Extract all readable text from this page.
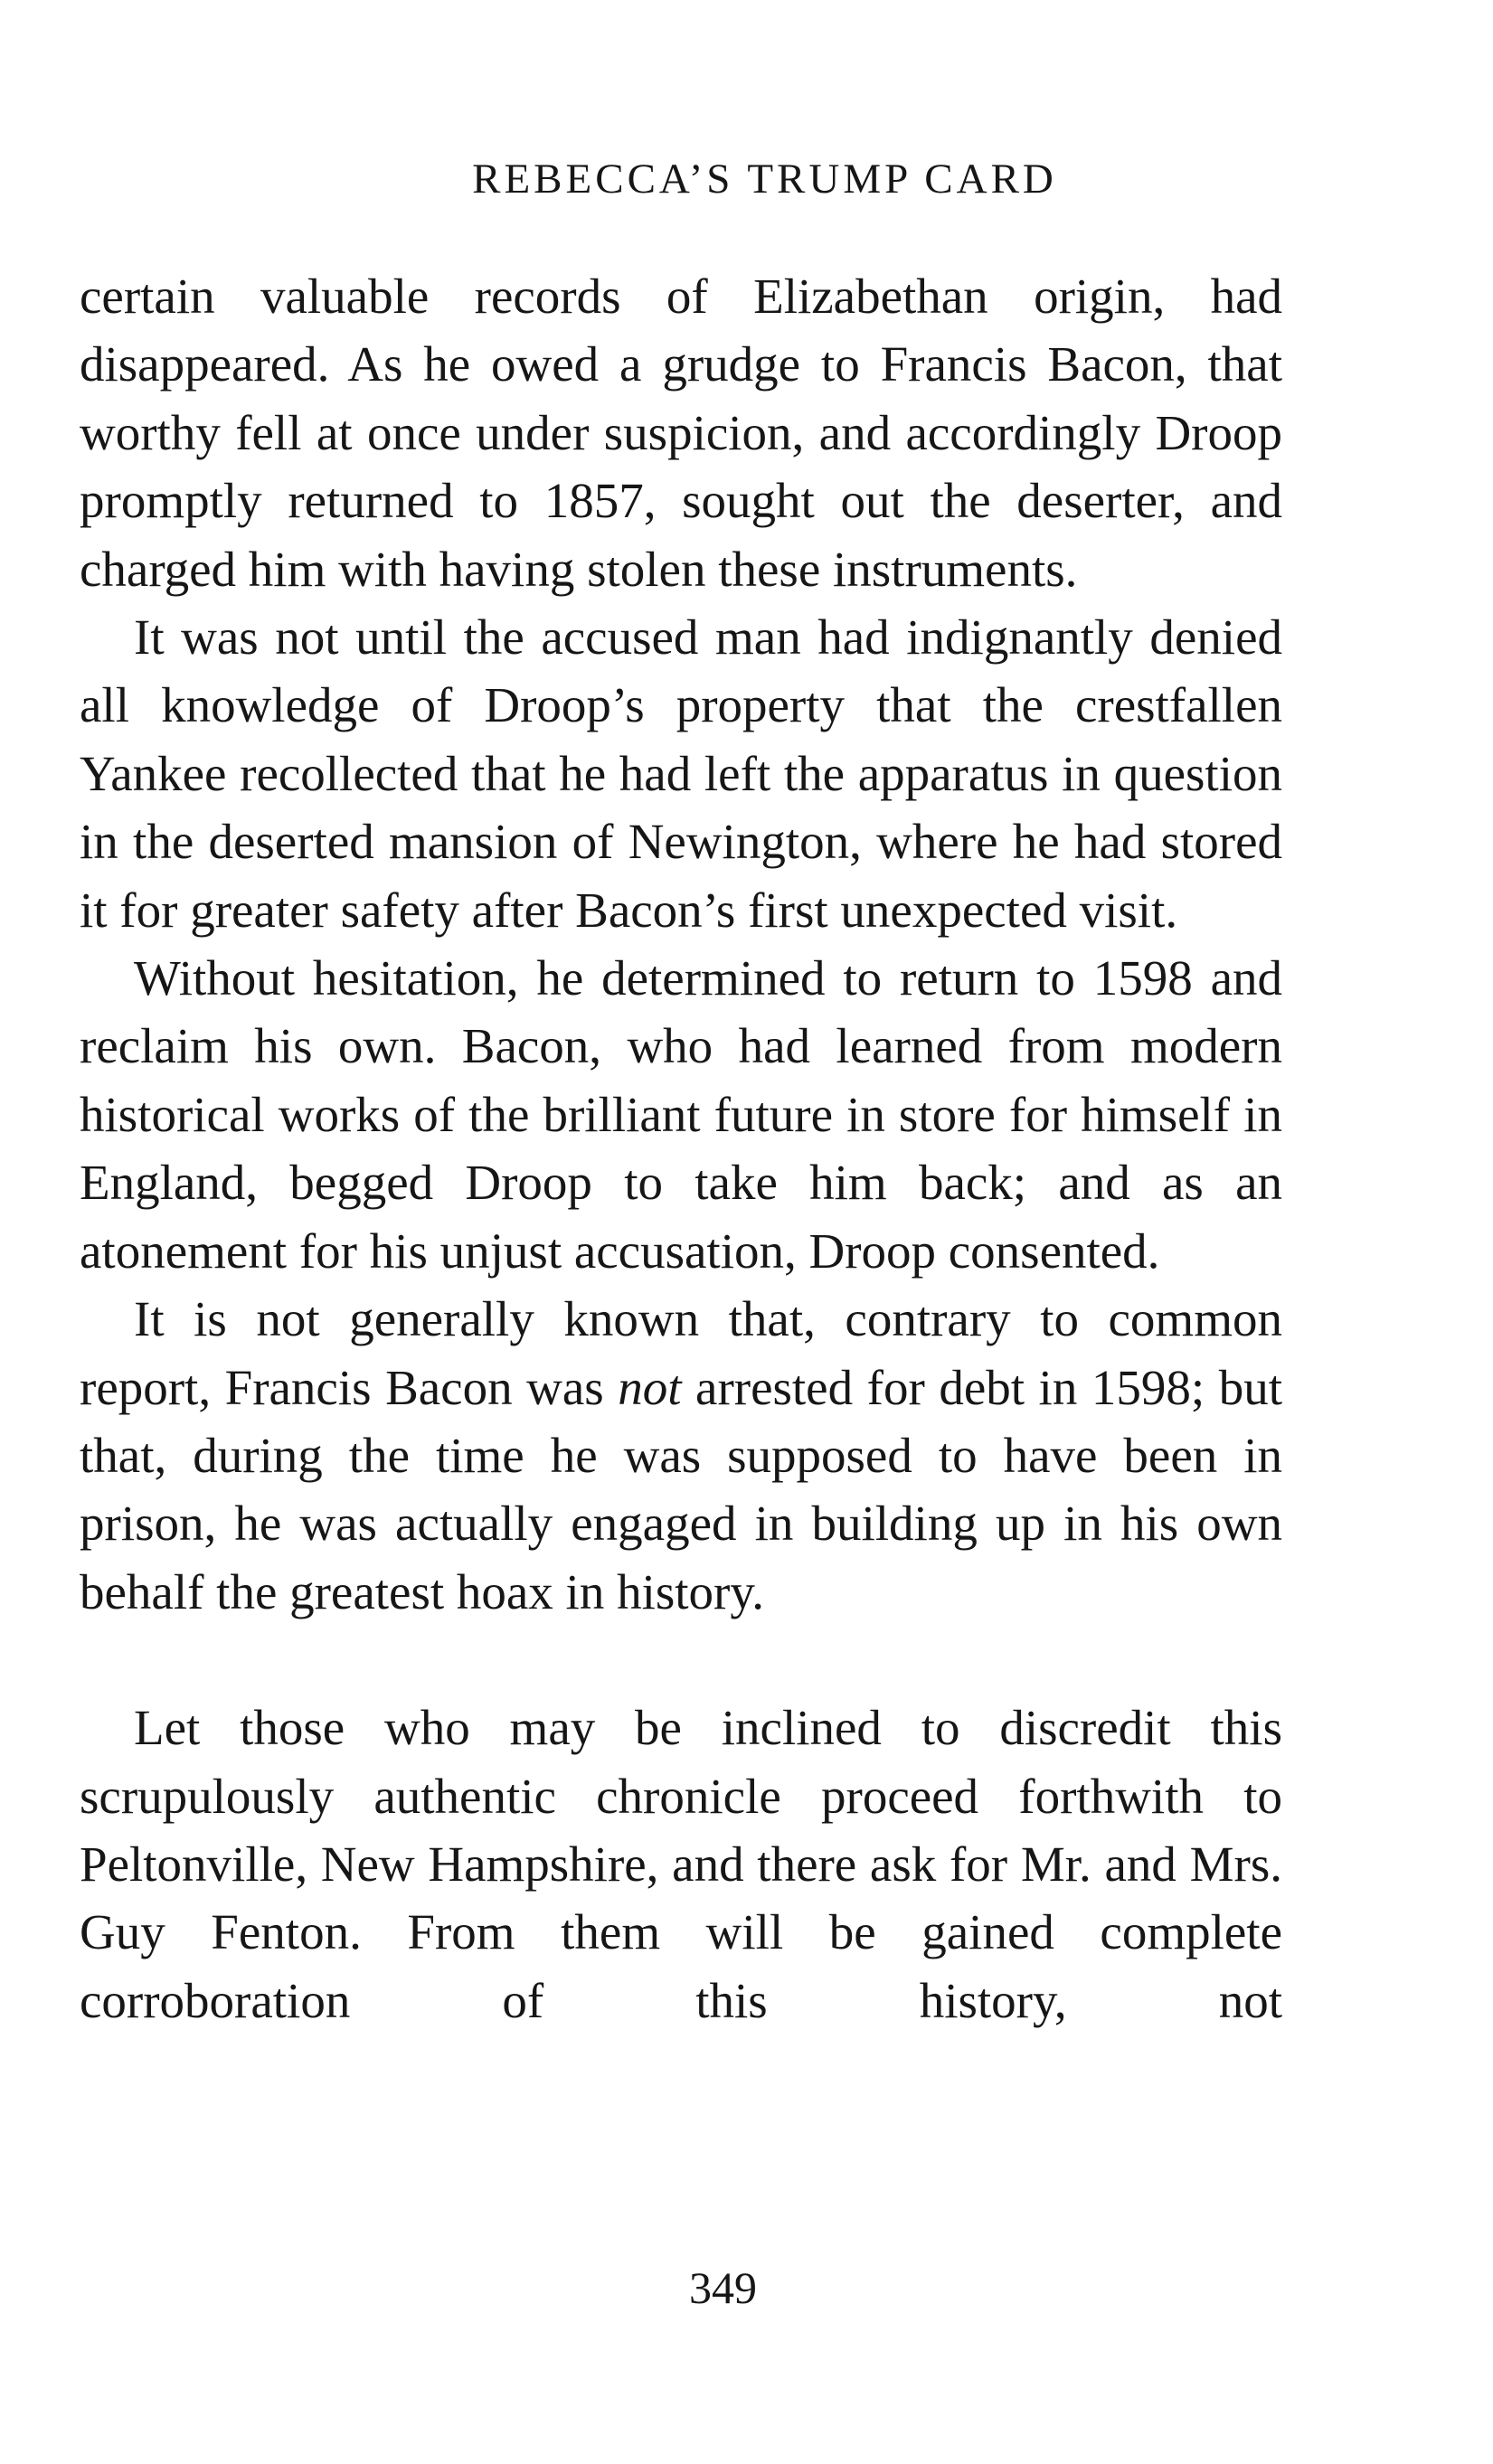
REBECCA’S TRUMP CARD

certain valuable records of Elizabethan origin, had disappeared. As he owed a grudge to Francis Bacon, that worthy fell at once under suspicion, and accordingly Droop promptly returned to 1857, sought out the deserter, and charged him with having stolen these instruments.

It was not until the accused man had indignantly denied all knowledge of Droop’s property that the crestfallen Yankee recollected that he had left the apparatus in question in the deserted mansion of Newington, where he had stored it for greater safety after Bacon’s first unexpected visit.

Without hesitation, he determined to return to 1598 and reclaim his own. Bacon, who had learned from modern historical works of the brilliant future in store for himself in England, begged Droop to take him back; and as an atonement for his unjust accusation, Droop consented.

It is not generally known that, contrary to common report, Francis Bacon was not arrested for debt in 1598; but that, during the time he was supposed to have been in prison, he was actually engaged in building up in his own behalf the greatest hoax in history.

Let those who may be inclined to discredit this scrupulously authentic chronicle proceed forthwith to Peltonville, New Hampshire, and there ask for Mr. and Mrs. Guy Fenton. From them will be gained complete corroboration of this history, not

349
